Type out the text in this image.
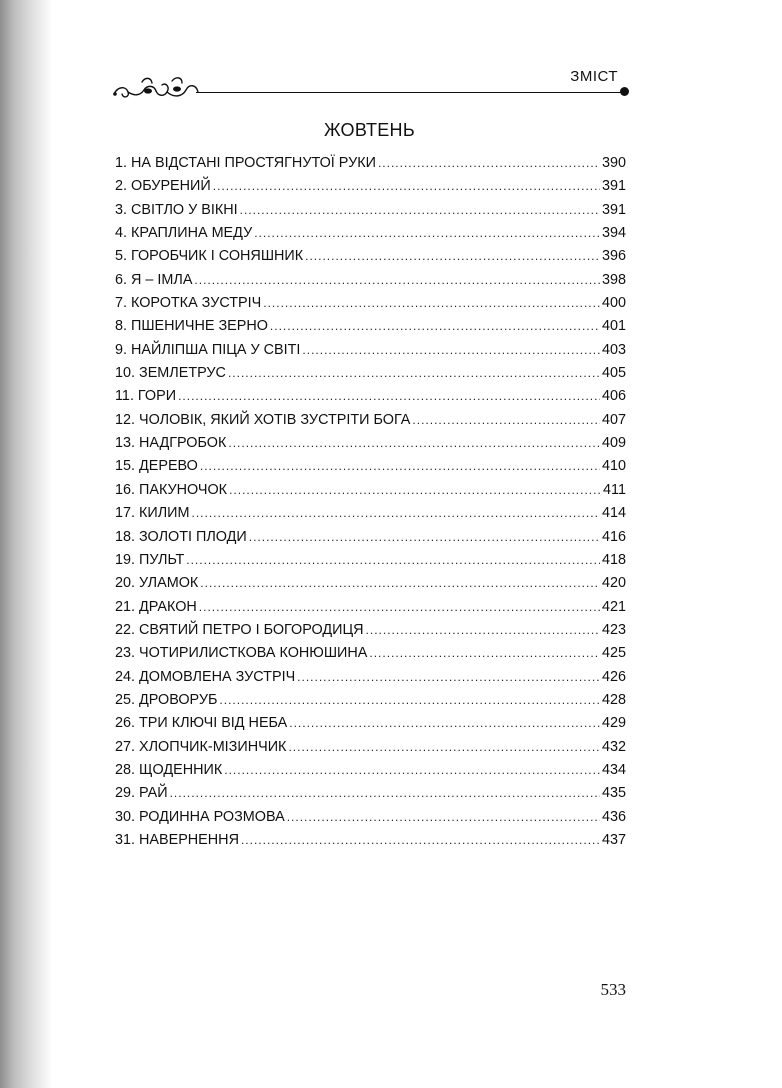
ЗМІСТ
ЖОВТЕНЬ
1. НА ВІДСТАНІ ПРОСТЯГНУТОЇ РУКИ .....	390
2. ОБУРЕНИЙ .....	391
3. СВІТЛО У ВІКНІ .....	391
4. КРАПЛИНА МЕДУ .....	394
5. ГОРОБЧИК І СОНЯШНИК .....	396
6. Я – ІМЛА .....	398
7. КОРОТКА ЗУСТРІЧ .....	400
8. ПШЕНИЧНЕ ЗЕРНО .....	401
9. НАЙЛІПША ПІЦА У СВІТІ .....	403
10. ЗЕМЛЕТРУС .....	405
11. ГОРИ .....	406
12. ЧОЛОВІК, ЯКИЙ ХОТІВ ЗУСТРІТИ БОГА .....	407
13. НАДГРОБОК .....	409
15. ДЕРЕВО .....	410
16. ПАКУНОЧОК .....	411
17. КИЛИМ .....	414
18. ЗОЛОТІ ПЛОДИ .....	416
19. ПУЛЬТ .....	418
20. УЛАМОК .....	420
21. ДРАКОН .....	421
22. СВЯТИЙ ПЕТРО І БОГОРОДИЦЯ .....	423
23. ЧОТИРИЛИСТКОВА КОНЮШИНА .....	425
24. ДОМОВЛЕНА ЗУСТРІЧ .....	426
25. ДРОВОРУБ .....	428
26. ТРИ КЛЮЧІ ВІД НЕБА .....	429
27. ХЛОПЧИК-МІЗИНЧИК .....	432
28. ЩОДЕННИК .....	434
29. РАЙ .....	435
30. РОДИННА РОЗМОВА .....	436
31. НАВЕРНЕННЯ .....	437
533
